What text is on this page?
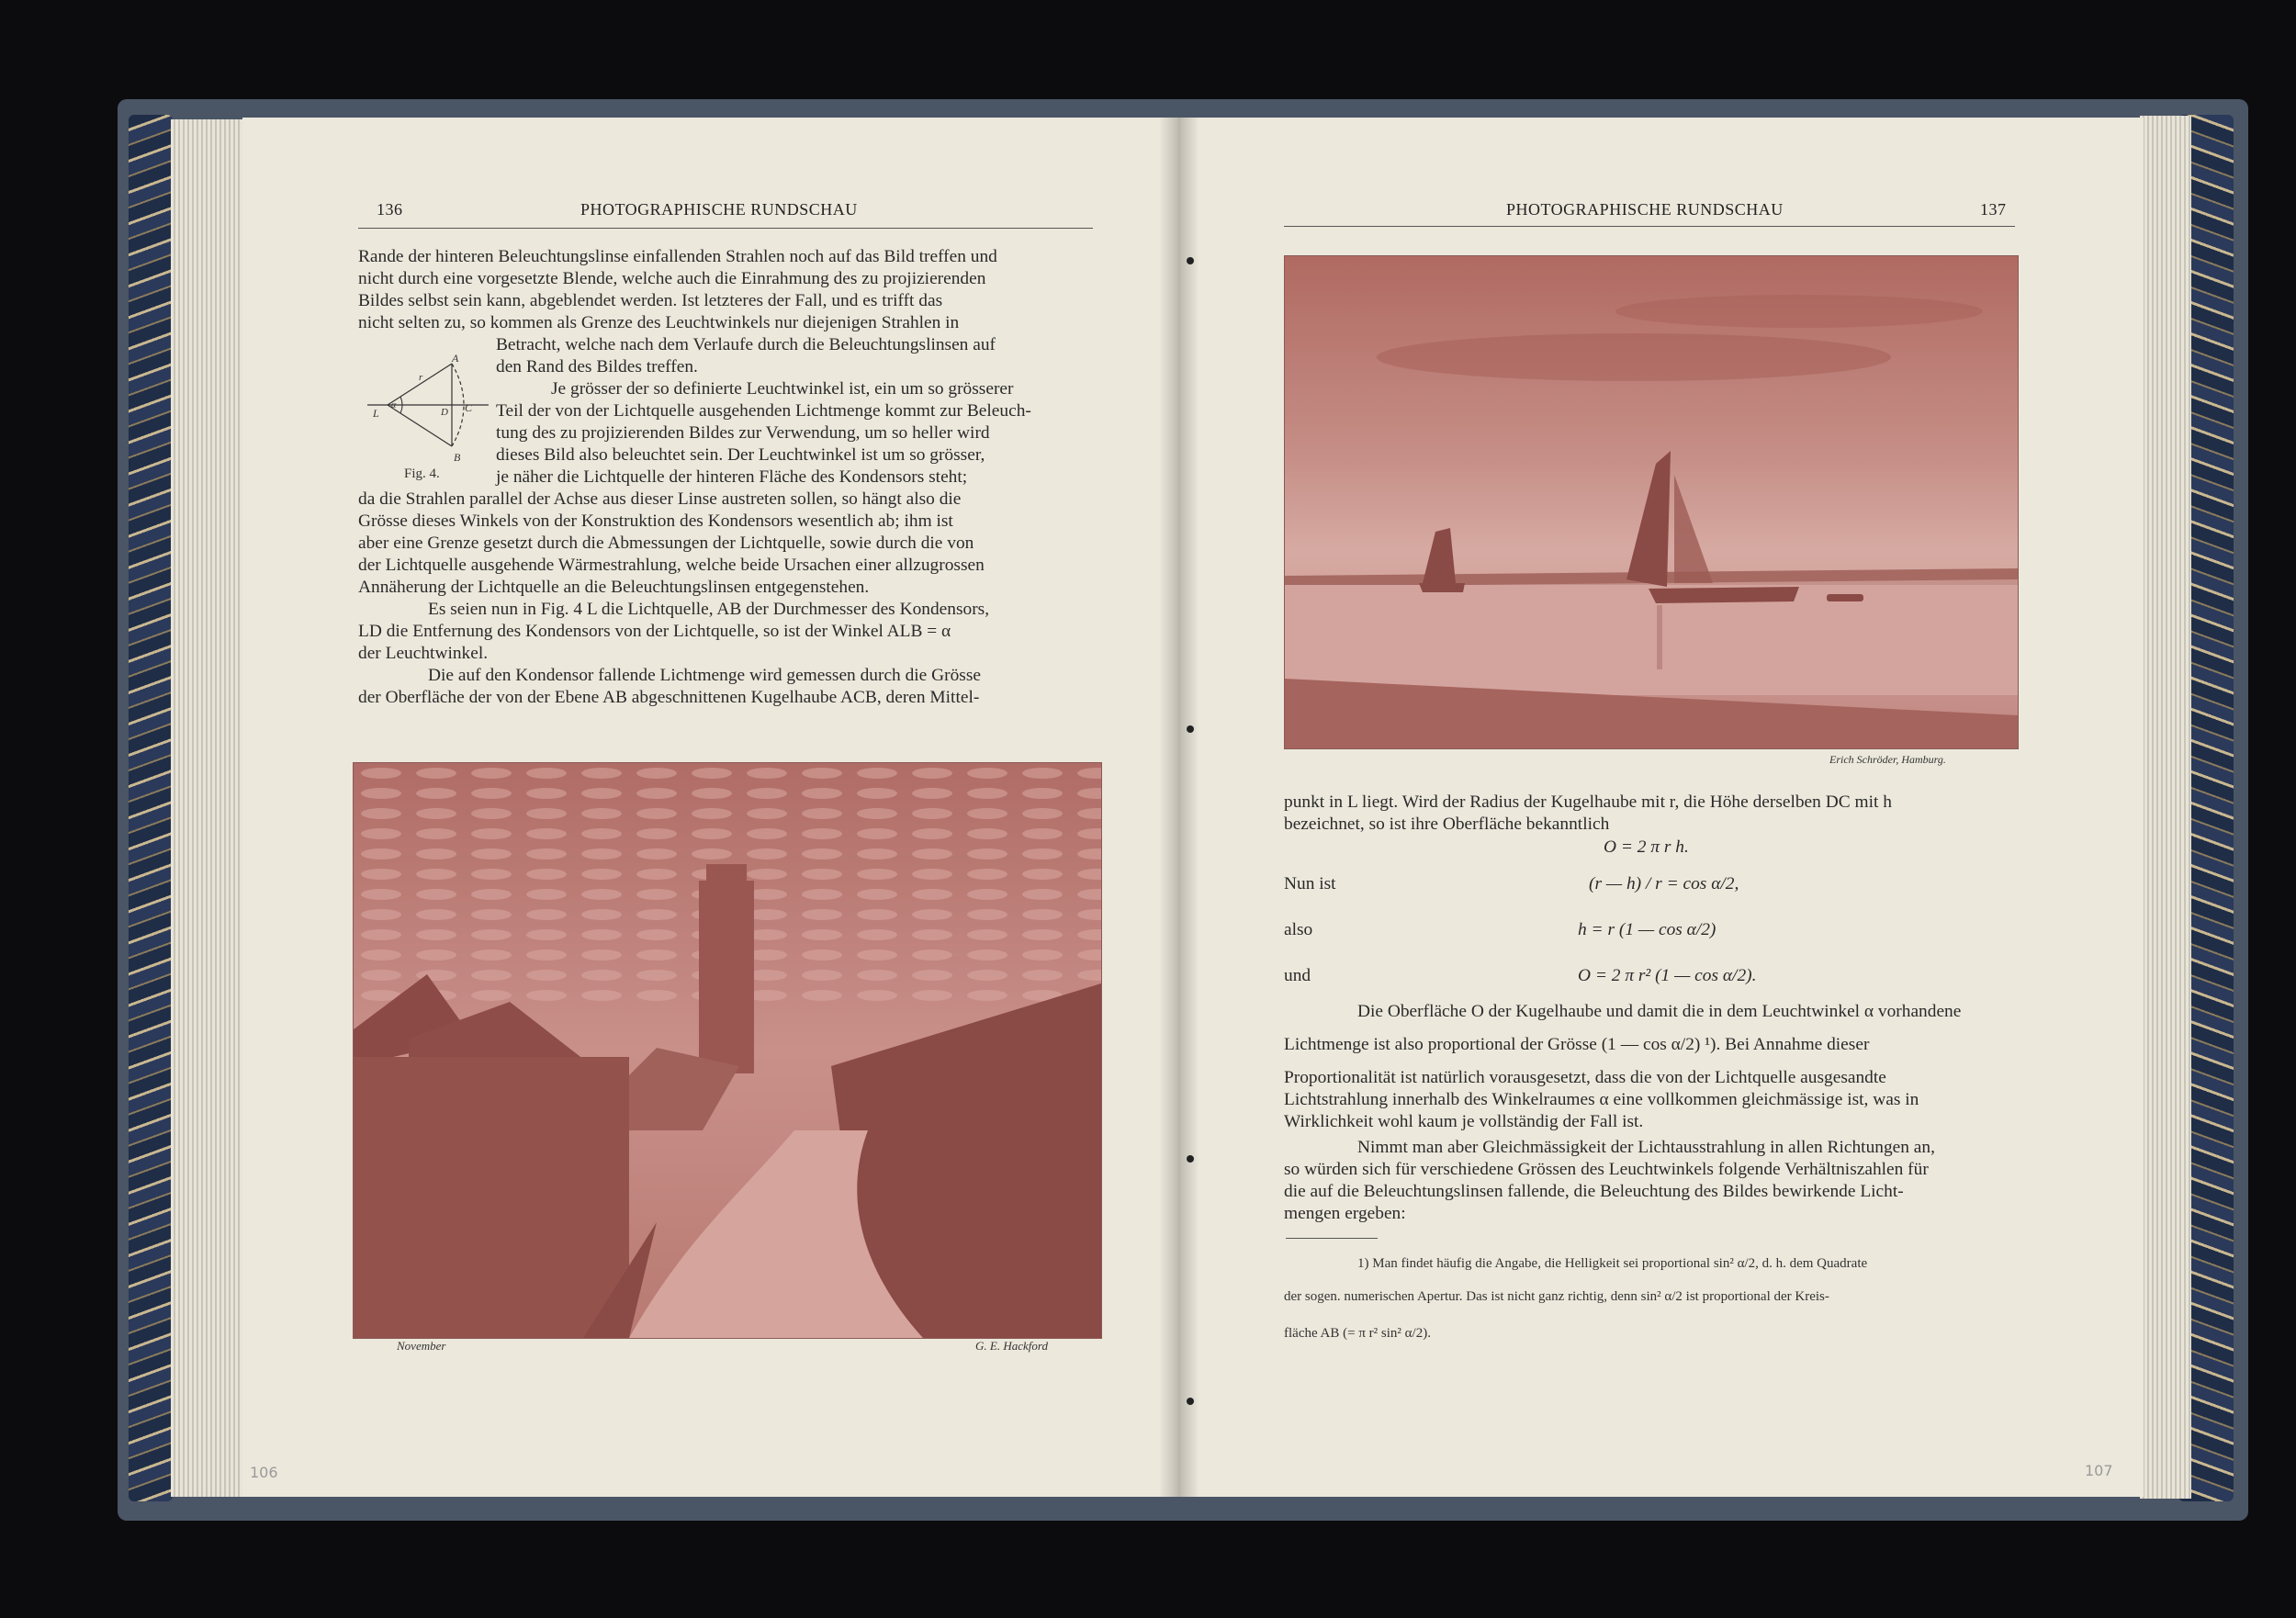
136	PHOTOGRAPHISCHE RUNDSCHAU
Rande der hinteren Beleuchtungslinse einfallenden Strahlen noch auf das Bild treffen und
nicht durch eine vorgesetzte Blende, welche auch die Einrahmung des zu projizierenden
Bildes selbst sein kann, abgeblendet werden. Ist letzteres der Fall, und es trifft das
nicht selten zu, so kommen als Grenze des Leuchtwinkels nur diejenigen Strahlen in
Betracht, welche nach dem Verlaufe durch die Beleuchtungslinsen auf
den Rand des Bildes treffen.
Je grösser der so definierte Leuchtwinkel ist, ein um so grösserer
Teil der von der Lichtquelle ausgehenden Lichtmenge kommt zur Beleuch-
tung des zu projizierenden Bildes zur Verwendung, um so heller wird
dieses Bild also beleuchtet sein. Der Leuchtwinkel ist um so grösser,
je näher die Lichtquelle der hinteren Fläche des Kondensors steht;
da die Strahlen parallel der Achse aus dieser Linse austreten sollen, so hängt also die
Grösse dieses Winkels von der Konstruktion des Kondensors wesentlich ab; ihm ist
aber eine Grenze gesetzt durch die Abmessungen der Lichtquelle, sowie durch die von
der Lichtquelle ausgehende Wärmestrahlung, welche beide Ursachen einer allzugrossen
Annäherung der Lichtquelle an die Beleuchtungslinsen entgegenstehen.
Es seien nun in Fig. 4 L die Lichtquelle, AB der Durchmesser des Kondensors,
LD die Entfernung des Kondensors von der Lichtquelle, so ist der Winkel ALB = α
der Leuchtwinkel.
Die auf den Kondensor fallende Lichtmenge wird gemessen durch die Grösse
der Oberfläche der von der Ebene AB abgeschnittenen Kugelhaube ACB, deren Mittel-
A
B
C
D
L
r
α
Fig. 4.
November	G. E. Hackford
106
PHOTOGRAPHISCHE RUNDSCHAU	137
Erich Schröder, Hamburg.
punkt in L liegt. Wird der Radius der Kugelhaube mit r, die Höhe derselben DC mit h
bezeichnet, so ist ihre Oberfläche bekanntlich
O = 2 π r h.
Nun ist	(r — h) / r = cos α/2,
also	h = r (1 — cos α/2)
und	O = 2 π r² (1 — cos α/2).
Die Oberfläche O der Kugelhaube und damit die in dem Leuchtwinkel α vorhandene
Lichtmenge ist also proportional der Grösse (1 — cos α/2) ¹). Bei Annahme dieser
Proportionalität ist natürlich vorausgesetzt, dass die von der Lichtquelle ausgesandte
Lichtstrahlung innerhalb des Winkelraumes α eine vollkommen gleichmässige ist, was in
Wirklichkeit wohl kaum je vollständig der Fall ist.
Nimmt man aber Gleichmässigkeit der Lichtausstrahlung in allen Richtungen an,
so würden sich für verschiedene Grössen des Leuchtwinkels folgende Verhältniszahlen für
die auf die Beleuchtungslinsen fallende, die Beleuchtung des Bildes bewirkende Licht-
mengen ergeben:
1) Man findet häufig die Angabe, die Helligkeit sei proportional sin² α/2, d. h. dem Quadrate
der sogen. numerischen Apertur. Das ist nicht ganz richtig, denn sin² α/2 ist proportional der Kreis-
fläche AB (= π r² sin² α/2).
107
